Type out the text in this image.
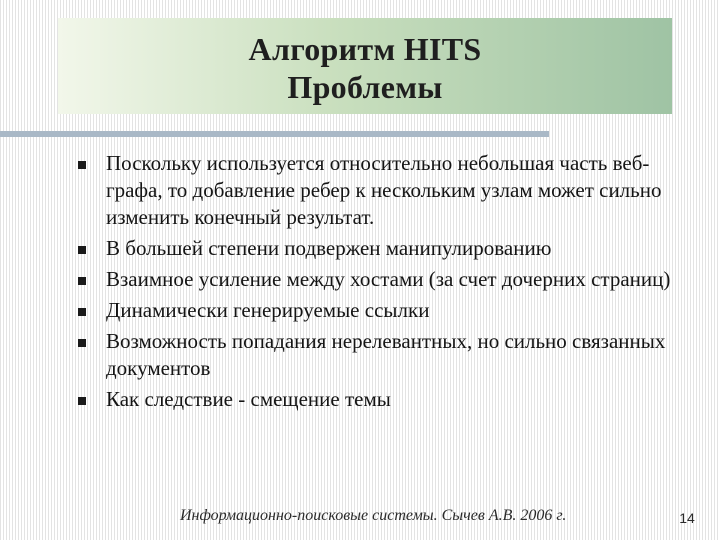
Алгоритм HITS
Проблемы
Поскольку используется относительно небольшая часть веб-графа, то добавление ребер к нескольким узлам может сильно изменить конечный результат.
В большей степени подвержен манипулированию
Взаимное усиление между хостами (за счет дочерних страниц)
Динамически генерируемые ссылки
Возможность попадания нерелевантных, но сильно связанных документов
Как следствие - смещение темы
Информационно-поисковые системы. Сычев А.В. 2006 г.	14
